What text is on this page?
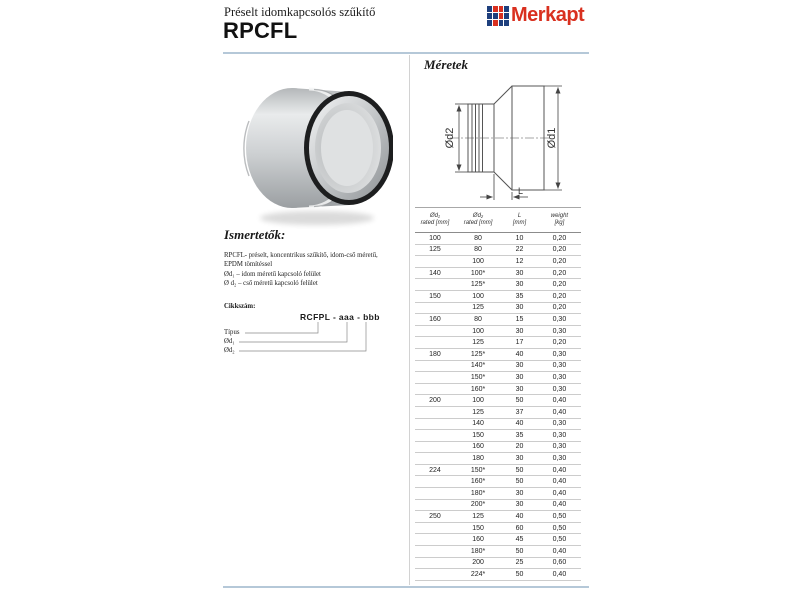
Préselt idomkapcsolós szűkítő
RPCFL
Merkapt
Ismertetők:
RPCFL- préselt, koncentrikus szűkítő, idom-cső méretű,
EPDM tömítéssel
Ød₁ – idom méretű kapcsoló felület
Ø d₂ – cső méretű kapcsoló felület
Cikkszám:
RCFPL - aaa - bbb
Típus
Ød₁
Ød₂
Méretek
Ød2	Ød1
L
Ød₁
rated [mm]

Ød₂
rated [mm]

L
[mm]

weight
[kg]

100	80	10	0,20
125	80	22	0,20
	100	12	0,20
140	100*	30	0,20
	125*	30	0,20
150	100	35	0,20
	125	30	0,20
160	80	15	0,30
	100	30	0,30
	125	17	0,20
180	125*	40	0,30
	140*	30	0,30
	150*	30	0,30
	160*	30	0,30
200	100	50	0,40
	125	37	0,40
	140	40	0,30
	150	35	0,30
	160	20	0,30
	180	30	0,30
224	150*	50	0,40
	160*	50	0,40
	180*	30	0,40
	200*	30	0,40
250	125	40	0,50
	150	60	0,50
	160	45	0,50
	180*	50	0,40
	200	25	0,60
	224*	50	0,40
